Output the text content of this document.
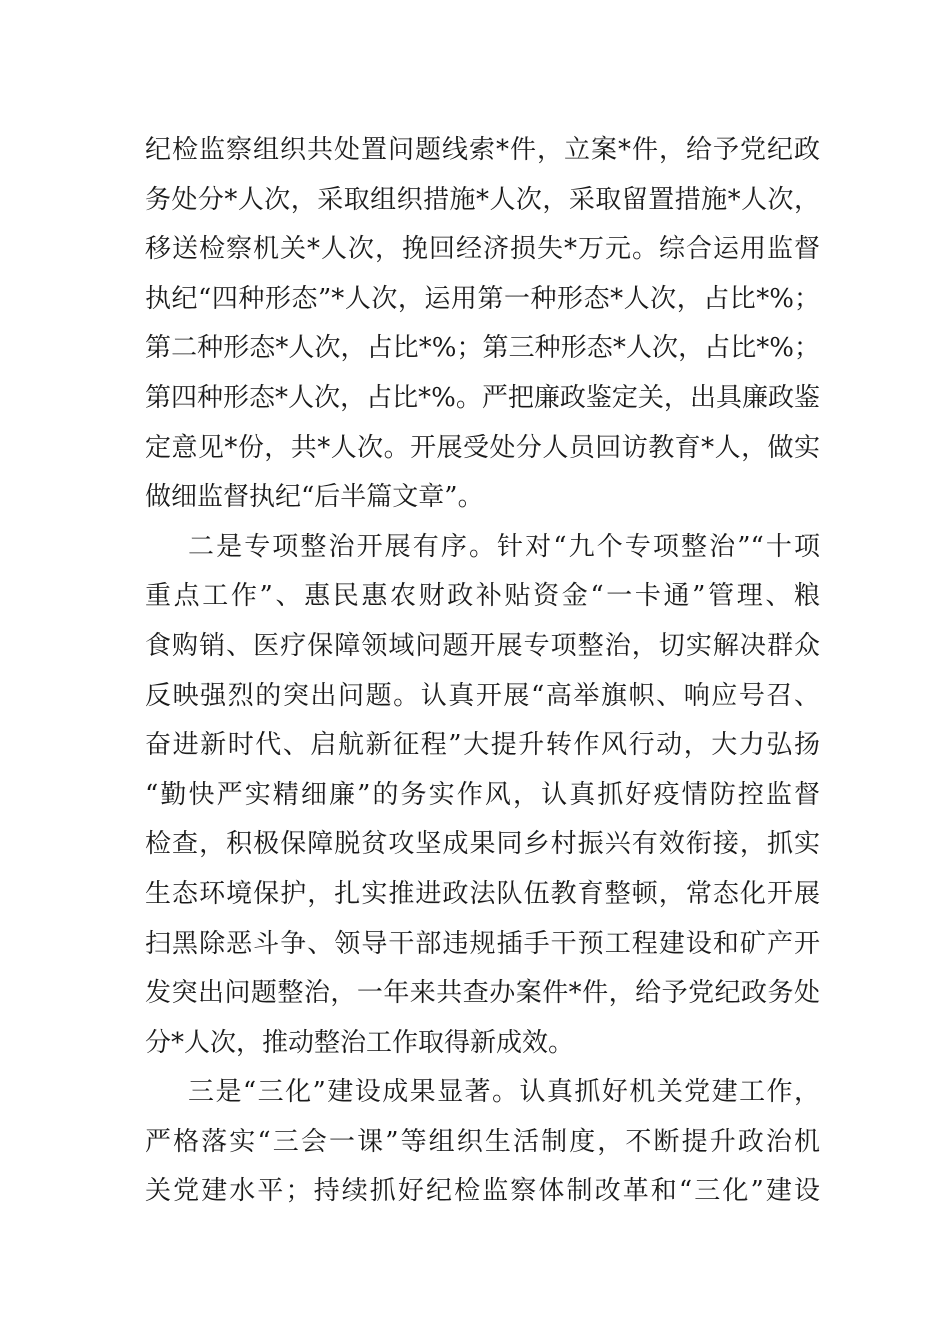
纪检监察组织共处置问题线索*件，立案*件，给予党纪政
务处分*人次，采取组织措施*人次，采取留置措施*人次，
移送检察机关*人次，挽回经济损失*万元。综合运用监督
执纪“四种形态”*人次，运用第一种形态*人次，占比*%；
第二种形态*人次，占比*%；第三种形态*人次，占比*%；
第四种形态*人次，占比*%。严把廉政鉴定关，出具廉政鉴
定意见*份，共*人次。开展受处分人员回访教育*人，做实
做细监督执纪“后半篇文章”。
二是专项整治开展有序。针对“九个专项整治”“十项
重点工作”、惠民惠农财政补贴资金“一卡通”管理、粮
食购销、医疗保障领域问题开展专项整治，切实解决群众
反映强烈的突出问题。认真开展“高举旗帜、响应号召、
奋进新时代、启航新征程”大提升转作风行动，大力弘扬
“勤快严实精细廉”的务实作风，认真抓好疫情防控监督
检查，积极保障脱贫攻坚成果同乡村振兴有效衔接，抓实
生态环境保护，扎实推进政法队伍教育整顿，常态化开展
扫黑除恶斗争、领导干部违规插手干预工程建设和矿产开
发突出问题整治，一年来共查办案件*件，给予党纪政务处
分*人次，推动整治工作取得新成效。
三是“三化”建设成果显著。认真抓好机关党建工作，
严格落实“三会一课”等组织生活制度，不断提升政治机
关党建水平；持续抓好纪检监察体制改革和“三化”建设
